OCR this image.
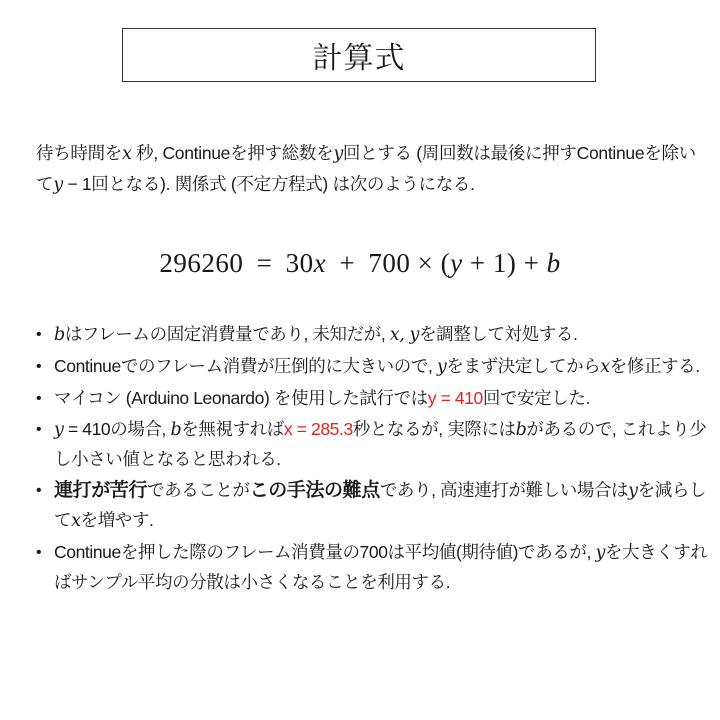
計算式
待ち時間をx 秒, Continueを押す総数をy回とする (周回数は最後に押すContinueを除いてy − 1回となる). 関係式 (不定方程式) は次のようになる.
296260 = 30x + 700 × (y + 1) + b
• bはフレームの固定消費量であり, 未知だが, x, yを調整して対処する.
• Continueでのフレーム消費が圧倒的に大きいので, yをまず決定してからxを修正する.
• マイコン (Arduino Leonardo) を使用した試行ではy = 410回で安定した.
• y = 410の場合, bを無視すればx = 285.3秒となるが, 実際にはbがあるので, これより少し小さい値となると思われる.
• 連打が苦行であることがこの手法の難点であり, 高速連打が難しい場合はyを減らしてxを増やす.
• Continueを押した際のフレーム消費量の700は平均値(期待値)であるが, yを大きくすればサンプル平均の分散は小さくなることを利用する.
